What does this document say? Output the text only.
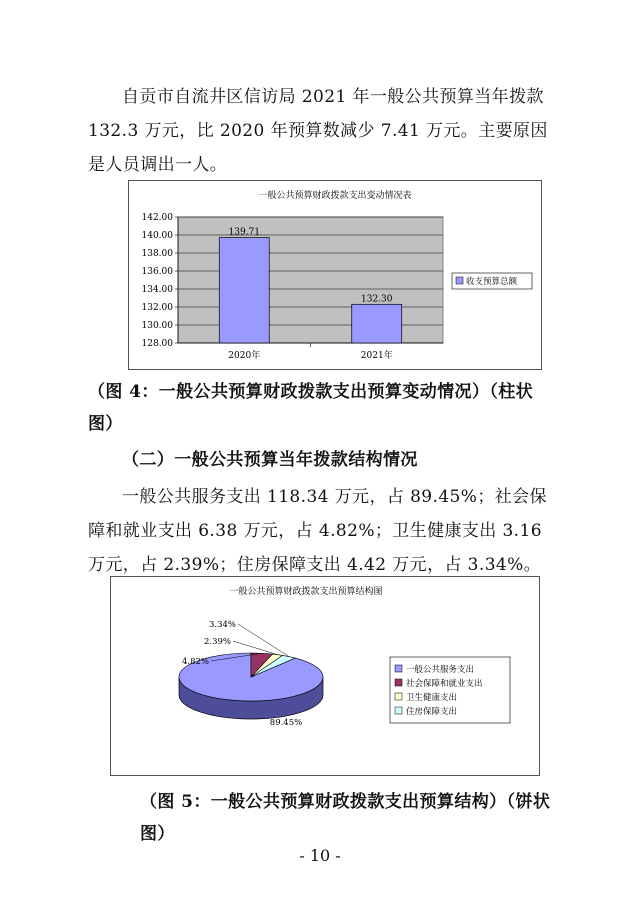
自贡市自流井区信访局 2021 年一般公共预算当年拨款 132.3 万元，比 2020 年预算数减少 7.41 万元。主要原因是人员调出一人。
一般公共预算财政拨款支出变动情况表
128.00
130.00
132.00
134.00
136.00
138.00
140.00
142.00
139.71
2020年
132.30
2021年
收支预算总额
（图 4：一般公共预算财政拨款支出预算变动情况）（柱状图）
（二）一般公共预算当年拨款结构情况
一般公共服务支出 118.34 万元，占 89.45%；社会保障和就业支出 6.38 万元，占 4.82%；卫生健康支出 3.16 万元，占 2.39%；住房保障支出 4.42 万元，占 3.34%。
一般公共预算财政拨款支出预算结构图
89.45%
4.82%
2.39%
3.34%
一般公共服务支出
社会保障和就业支出
卫生健康支出
住房保障支出
（图 5：一般公共预算财政拨款支出预算结构）（饼状图）
- 10 -
